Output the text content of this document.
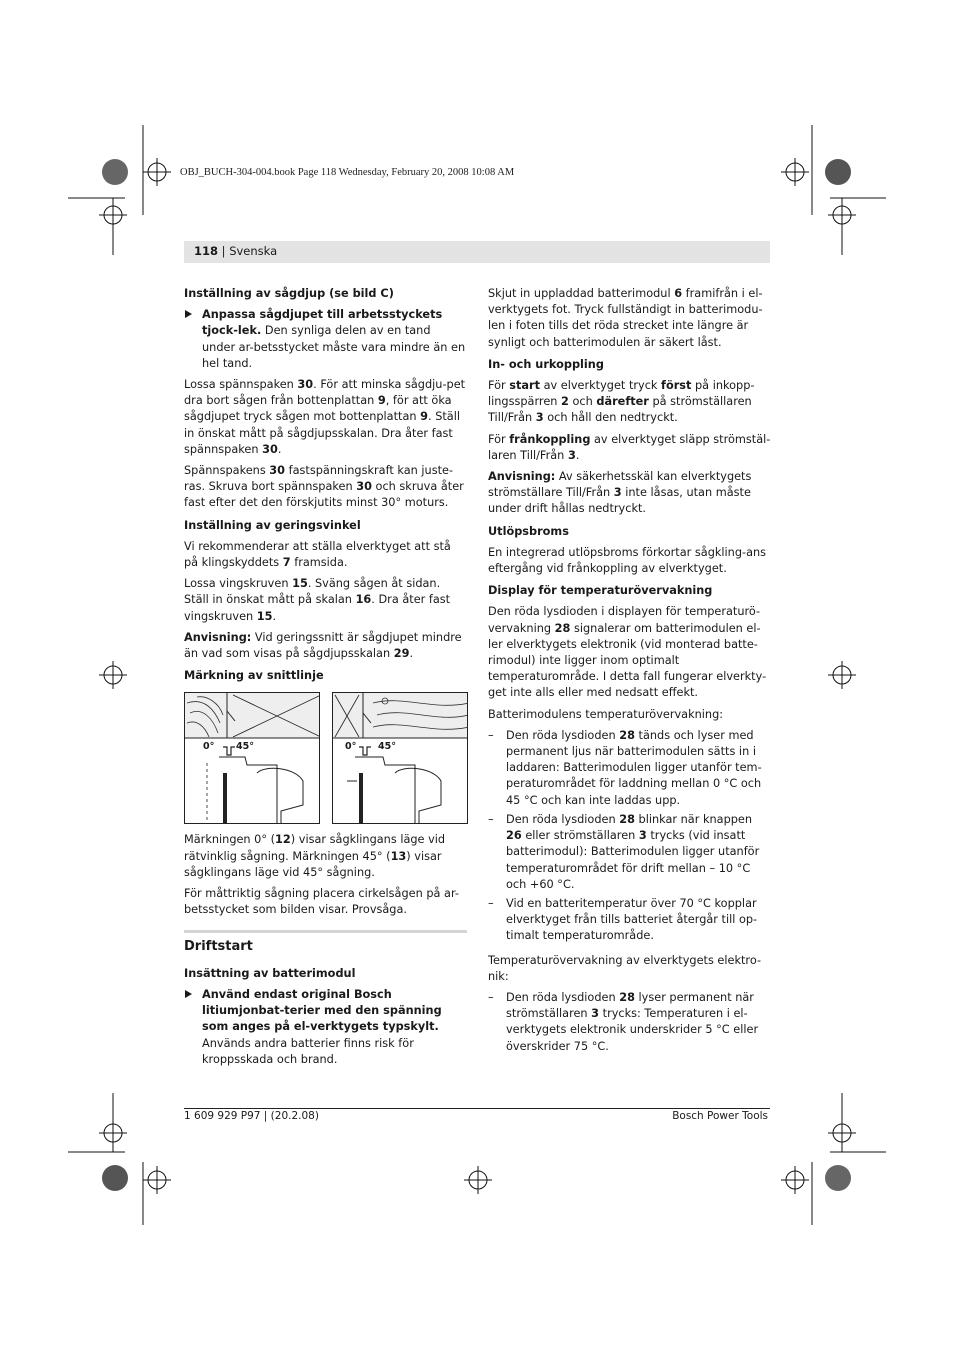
OBJ_BUCH-304-004.book Page 118 Wednesday, February 20, 2008 10:08 AM
118 | Svenska
Inställning av sågdjup (se bild C)
Anpassa sågdjupet till arbetsstyckets tjock-lek. Den synliga delen av en tand under ar-betsstycket måste vara mindre än en hel tand.

Lossa spännspaken 30. För att minska sågdju-pet dra bort sågen från bottenplattan 9, för att öka sågdjupet tryck sågen mot bottenplattan 9. Ställ in önskat mått på sågdjupsskalan. Dra åter fast spännspaken 30.

Spännspakens 30 fastspänningskraft kan juste-ras. Skruva bort spännspaken 30 och skruva åter fast efter det den förskjutits minst 30° moturs.

Inställning av geringsvinkel

Vi rekommenderar att ställa elverktyget att stå på klingskyddets 7 framsida.

Lossa vingskruven 15. Sväng sågen åt sidan. Ställ in önskat mått på skalan 16. Dra åter fast vingskruven 15.

Anvisning: Vid geringssnitt är sågdjupet mindre än vad som visas på sågdjupsskalan 29.

Märkning av snittlinje
0° 45°	0° 45°

Märkningen 0° (12) visar sågklingans läge vid rätvinklig sågning. Märkningen 45° (13) visar sågklingans läge vid 45° sågning.

För måttriktig sågning placera cirkelsågen på ar-betsstycket som bilden visar. Provsåga.

Driftstart
Insättning av batterimodul
Använd endast original Bosch litiumjonbat-terier med den spänning som anges på el-verktygets typskylt. Används andra batterier finns risk för kroppsskada och brand.

Skjut in uppladdad batterimodul 6 framifrån i el-verktygets fot. Tryck fullständigt in batterimodu-len i foten tills det röda strecket inte längre är synligt och batterimodulen är säkert låst.

In- och urkoppling

För start av elverktyget tryck först på inkopp-lingsspärren 2 och därefter på strömställaren Till/Från 3 och håll den nedtryckt.

För frånkoppling av elverktyget släpp strömstäl-laren Till/Från 3.

Anvisning: Av säkerhetsskäl kan elverktygets strömställare Till/Från 3 inte låsas, utan måste under drift hållas nedtryckt.

Utlöpsbroms

En integrerad utlöpsbroms förkortar sågkling-ans eftergång vid frånkoppling av elverktyget.

Display för temperaturövervakning

Den röda lysdioden i displayen för temperaturö-vervakning 28 signalerar om batterimodulen el-ler elverktygets elektronik (vid monterad batte-rimodul) inte ligger inom optimalt temperaturområde. I detta fall fungerar elverkty-get inte alls eller med nedsatt effekt.

Batterimodulens temperaturövervakning:

– Den röda lysdioden 28 tänds och lyser med permanent ljus när batterimodulen sätts in i laddaren: Batterimodulen ligger utanför tem-peraturområdet för laddning mellan 0 °C och 45 °C och kan inte laddas upp.
– Den röda lysdioden 28 blinkar när knappen 26 eller strömställaren 3 trycks (vid insatt batterimodul): Batterimodulen ligger utanför temperaturområdet för drift mellan – 10 °C och +60 °C.
– Vid en batteritemperatur över 70 °C kopplar elverktyget från tills batteriet återgår till op-timalt temperaturområde.

Temperaturövervakning av elverktygets elektro-nik:

– Den röda lysdioden 28 lyser permanent när strömställaren 3 trycks: Temperaturen i el-verktygets elektronik underskrider 5 °C eller överskrider 75 °C.
1 609 929 P97 | (20.2.08)	Bosch Power Tools
